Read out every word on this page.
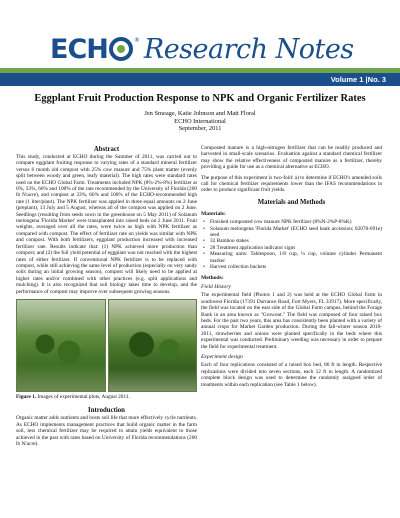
ECH	® Research Notes
Volume 1 |No. 3
Eggplant Fruit Production Response to NPK and Organic Fertilizer Rates
Jen Smeage, Katie Johnson and Matt Floral
ECHO International
September, 2011
Abstract

This study, conducted at ECHO during the Summer of 2011, was carried out to compare eggplant fruiting response to varying rates of a standard mineral fertilizer versus 6 month old compost with 25% cow manure and 75% plant matter (evenly split between woody and green, leafy material). The high rates were standard rates used on the ECHO Global Farm. Treatments included NPK (8%-2%-8%) fertilizer at 0%, 33%, 66% and 100% of the rate recommended by the University of Florida (200 lb N/acre), and compost at 33%, 66% and 100% of the ECHO-recommended high rate (1 liter/plant). The NPK fertilizer was applied in three equal amounts on 2 June (preplant), 13 July and 5 August, whereas all of the compost was applied on 2 June. Seedlings (resulting from seeds sown in the greenhouse on 5 May 2011) of Solanum melongena 'Florida Market' were transplanted into raised beds on 2 June 2011. Fruit weights, averaged over all the rates, were twice as high with NPK fertilizer as compared with compost. The effect of fertilizer rate on yields was similar with NPK and compost. With both fertilizers, eggplant production increased with increased fertilizer rate. Results indicate that: (1) NPK achieved more production than compost; and (2) the full yield potential of eggplant was not reached with the highest rates of either fertilizer. If conventional NPK fertilizer is to be replaced with compost, while still achieving the same level of production (especially on very sandy soils during an initial growing season), compost will likely need to be applied at higher rates and/or combined with other practices (e.g. split applications and mulching). It is also recognized that soil biology takes time to develop, and the performance of compost may improve over subsequent growing seasons.

Figure 1. Images of experimental plots, August 2011.

Introduction

Organic matter adds nutrients and hosts soil life that more effectively cycle nutrients. As ECHO implements management practices that build organic matter in the farm soil, less chemical fertilizer may be required to attain yields equivalent to those achieved in the past with rates based on University of Florida recommendations (200 lb N/acre).

Composted manure is a high-nitrogen fertilizer that can be readily produced and harvested in small-scale scenarios. Evaluation against a standard chemical fertilizer may show the relative effectiveness of composted manure as a fertilizer, thereby providing a guide for use as a chemical alternative at ECHO.

The purpose of this experiment is two-fold: a) to determine if ECHO's amended soils call for chemical fertilizer requirements lower than the IFAS recommendations in order to produce significant fruit yields.

Materials and Methods
Materials:
• Finished composted cow manure NPK fertilizer (8%N-2%P-8%K)
• Solanum melongena 'Florida Market' (ECHO seed bank accession; 02078-091e) seed
• 32 Bamboo stakes
• 28 Treatment application indicator signs
• Measuring units: Tablespoon, 1/8 cup, ¼ cup, volume cylinder Permanent marker
• Harvest collection buckets
Methods:
Field History

The experimental field (Photos 1 and 2) was held at the ECHO Global Farm in southwest Florida (17391 Durrance Road, Fort Myers, FL 33917). More specifically, the field was located on the east side of the Global Farm campus, behind the Forage Bank in an area known as "Growout." The field was composed of four raised box beds. For the past two years, this area has consistently been planted with a variety of annual crops for Market Garden production. During the fall-winter season 2010-2011, strawberries and onions were planted specifically in the beds where this experimental was conducted. Preliminary weeding was necessary in order to prepare the field for experimental treatment.

Experiment design

Each of four replications consisted of a raised box bed, 86 ft in length. Respective replications were divided into seven sections, each 12 ft in length. A randomized complete block design was used to determine the randomly assigned order of treatments within each replication (see Table 1 below).
